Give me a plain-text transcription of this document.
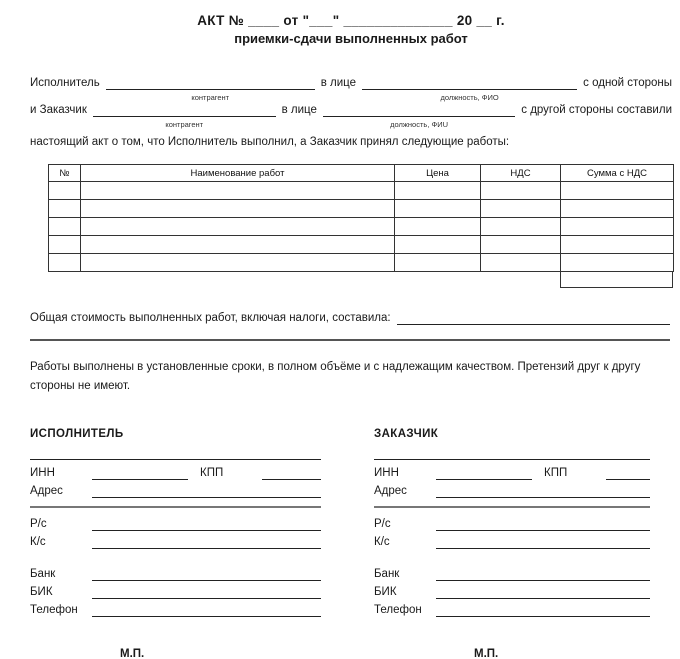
АКТ № ____ от "___" ______________ 20 __ г.
приемки-сдачи выполненных работ
Исполнитель
контрагент
в лице
должность, ФИО
с одной стороны
и Заказчик
контрагент
в лице
должность, ФИU
с другой стороны составили
настоящий акт о том, что Исполнитель выполнил, а Заказчик принял следующие работы:
№	Наименование работ	Цена	НДС	Сумма с НДС

Общая стоимость выполненных работ, включая налоги, составила:
Работы выполнены в установленные сроки, в полном объёме и с надлежащим качеством. Претензий друг к другу
стороны не имеют.
ИСПОЛНИТЕЛЬ
ИНН	КПП
Адрес
Р/с
К/с
Банк
БИК
Телефон
М.П.
ЗАКАЗЧИК
ИНН	КПП
Адрес
Р/с
К/с
Банк
БИК
Телефон
М.П.
